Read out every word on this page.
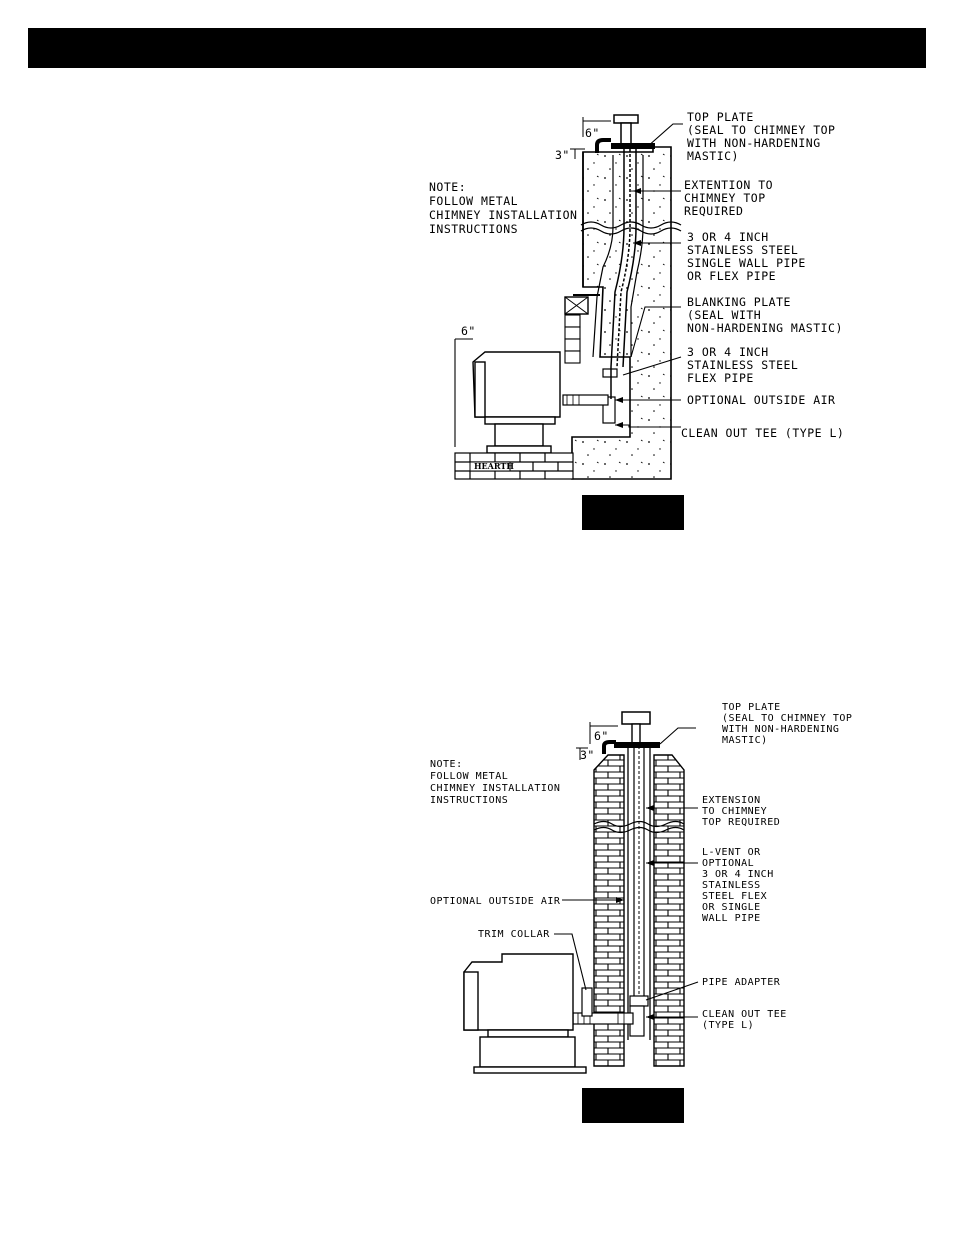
HEARTH
6"
3"
6"
NOTE:
FOLLOW METAL
CHIMNEY INSTALLATION
INSTRUCTIONS
TOP PLATE
(SEAL TO CHIMNEY TOP
WITH NON-HARDENING
MASTIC)
EXTENTION TO
CHIMNEY TOP
REQUIRED
3 OR 4 INCH
STAINLESS STEEL
SINGLE WALL PIPE
OR FLEX PIPE
BLANKING PLATE
(SEAL WITH
NON-HARDENING MASTIC)
3 OR 4 INCH
STAINLESS STEEL
FLEX PIPE
OPTIONAL OUTSIDE AIR
CLEAN OUT TEE (TYPE L)
6"
3"
NOTE:
FOLLOW METAL
CHIMNEY INSTALLATION
INSTRUCTIONS
TOP PLATE
(SEAL TO CHIMNEY TOP
WITH NON-HARDENING
MASTIC)
EXTENSION
TO CHIMNEY
TOP REQUIRED
L-VENT OR
OPTIONAL
3 OR 4 INCH
STAINLESS
STEEL FLEX
OR SINGLE
WALL PIPE
OPTIONAL OUTSIDE AIR
TRIM COLLAR
PIPE ADAPTER
CLEAN OUT TEE
(TYPE L)
